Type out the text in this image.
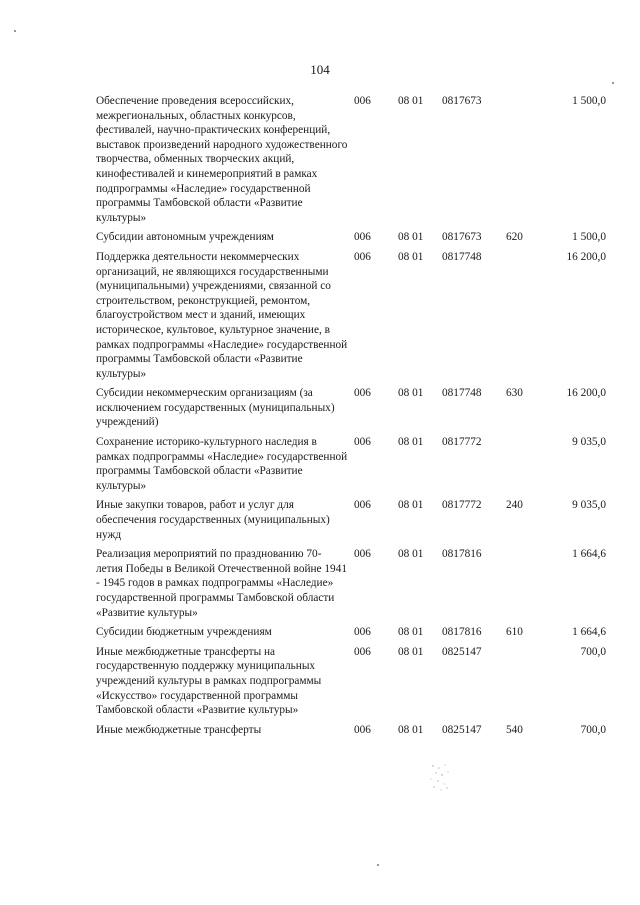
104
Обеспечение проведения всероссийских, межрегиональных, областных конкурсов, фестивалей, научно-практических конференций, выставок произведений народного художественного творчества, обменных творческих акций, кинофестивалей и кинемероприятий в рамках подпрограммы «Наследие» государственной программы Тамбовской области «Развитие культуры»	006	08 01	0817673		1 500,0
Субсидии автономным учреждениям	006	08 01	0817673	620	1 500,0
Поддержка деятельности некоммерческих организаций, не являющихся государственными (муниципальными) учреждениями, связанной со строительством, реконструкцией, ремонтом, благоустройством мест и зданий, имеющих историческое, культовое, культурное значение, в рамках подпрограммы «Наследие» государственной программы Тамбовской области «Развитие культуры»	006	08 01	0817748		16 200,0
Субсидии некоммерческим организациям (за исключением государственных (муниципальных) учреждений)	006	08 01	0817748	630	16 200,0
Сохранение историко-культурного наследия в рамках подпрограммы «Наследие» государственной программы Тамбовской области «Развитие культуры»	006	08 01	0817772		9 035,0
Иные закупки товаров, работ и услуг для обеспечения государственных (муниципальных) нужд	006	08 01	0817772	240	9 035,0
Реализация мероприятий по празднованию 70-летия Победы в Великой Отечественной войне 1941 - 1945 годов в рамках подпрограммы «Наследие» государственной программы Тамбовской области «Развитие культуры»	006	08 01	0817816		1 664,6
Субсидии бюджетным учреждениям	006	08 01	0817816	610	1 664,6
Иные межбюджетные трансферты на государственную поддержку муниципальных учреждений культуры в рамках подпрограммы «Искусство» государственной программы Тамбовской области «Развитие культуры»	006	08 01	0825147		700,0
Иные межбюджетные трансферты	006	08 01	0825147	540	700,0
